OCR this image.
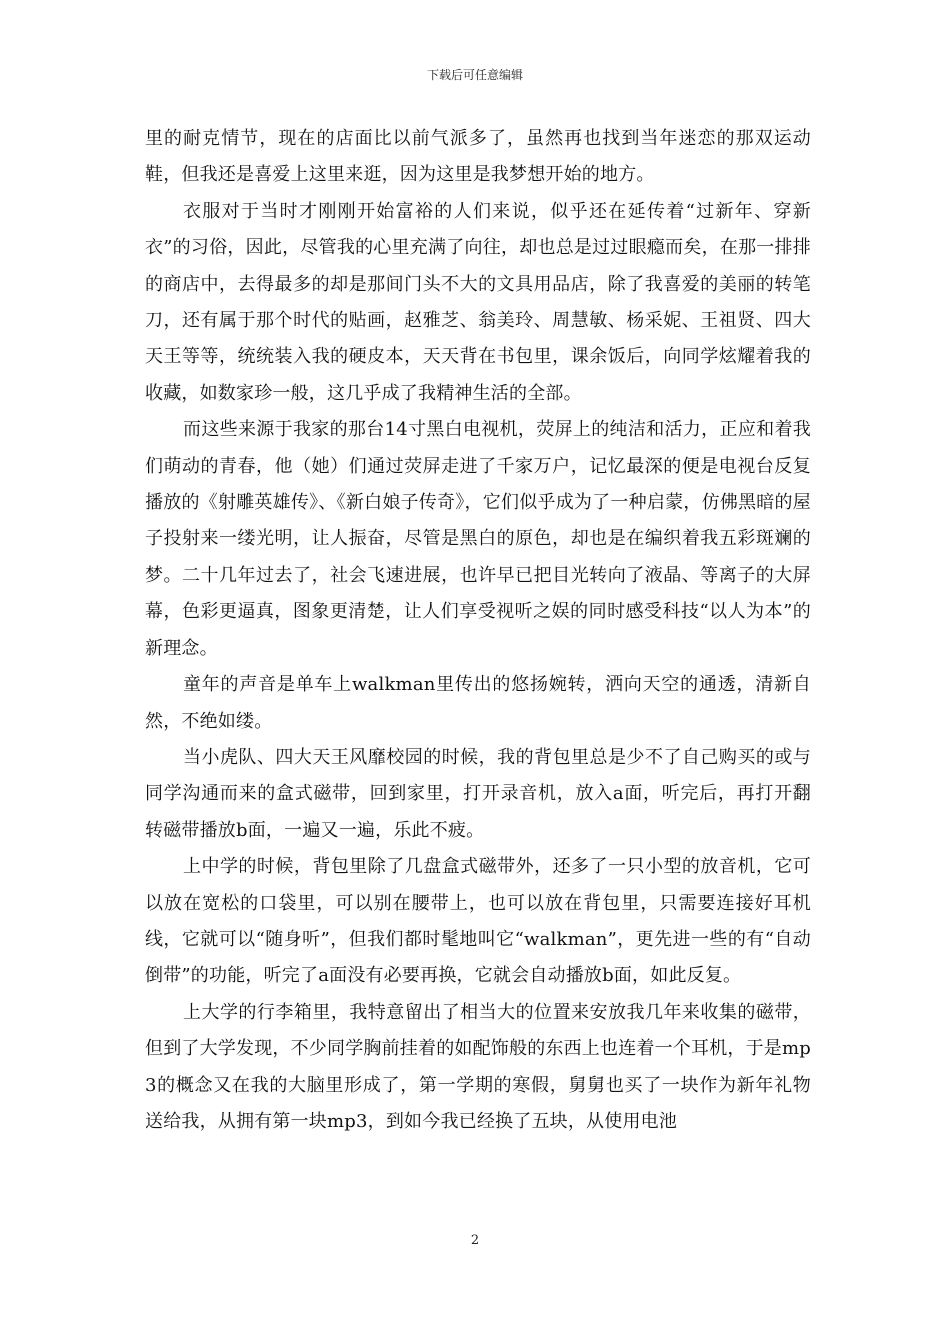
下载后可任意编辑

里的耐克情节，现在的店面比以前气派多了，虽然再也找到当年迷恋的那双运动鞋，但我还是喜爱上这里来逛，因为这里是我梦想开始的地方。

衣服对于当时才刚刚开始富裕的人们来说，似乎还在延传着“过新年、穿新衣”的习俗，因此，尽管我的心里充满了向往，却也总是过过眼瘾而矣，在那一排排的商店中，去得最多的却是那间门头不大的文具用品店，除了我喜爱的美丽的转笔刀，还有属于那个时代的贴画，赵雅芝、翁美玲、周慧敏、杨采妮、王祖贤、四大天王等等，统统装入我的硬皮本，天天背在书包里，课余饭后，向同学炫耀着我的收藏，如数家珍一般，这几乎成了我精神生活的全部。

而这些来源于我家的那台14寸黑白电视机，荧屏上的纯洁和活力，正应和着我们萌动的青春，他（她）们通过荧屏走进了千家万户，记忆最深的便是电视台反复播放的《射雕英雄传》、《新白娘子传奇》，它们似乎成为了一种启蒙，仿佛黑暗的屋子投射来一缕光明，让人振奋，尽管是黑白的原色，却也是在编织着我五彩斑斓的梦。二十几年过去了，社会飞速进展，也许早已把目光转向了液晶、等离子的大屏幕，色彩更逼真，图象更清楚，让人们享受视听之娱的同时感受科技“以人为本”的新理念。

童年的声音是单车上walkman里传出的悠扬婉转，洒向天空的通透，清新自然，不绝如缕。

当小虎队、四大天王风靡校园的时候，我的背包里总是少不了自己购买的或与同学沟通而来的盒式磁带，回到家里，打开录音机，放入a面，听完后，再打开翻转磁带播放b面，一遍又一遍，乐此不疲。

上中学的时候，背包里除了几盘盒式磁带外，还多了一只小型的放音机，它可以放在宽松的口袋里，可以别在腰带上，也可以放在背包里，只需要连接好耳机线，它就可以“随身听”，但我们都时髦地叫它“walkman”，更先进一些的有“自动倒带”的功能，听完了a面没有必要再换，它就会自动播放b面，如此反复。

上大学的行李箱里，我特意留出了相当大的位置来安放我几年来收集的磁带，但到了大学发现，不少同学胸前挂着的如配饰般的东西上也连着一个耳机，于是mp3的概念又在我的大脑里形成了，第一学期的寒假，舅舅也买了一块作为新年礼物送给我，从拥有第一块mp3，到如今我已经换了五块，从使用电池

2
